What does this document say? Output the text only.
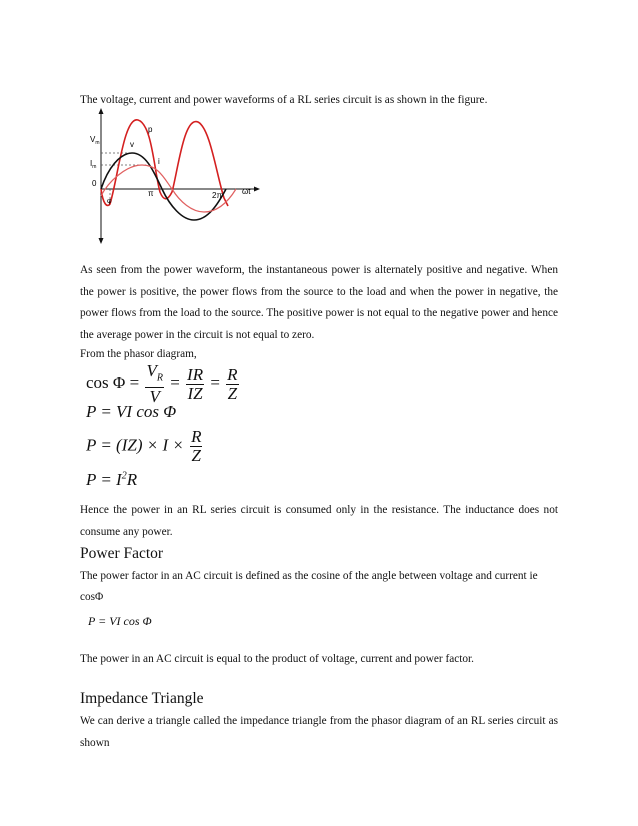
The voltage, current and power waveforms of a RL series circuit is as shown in the figure.
$V_m$
$I_m$
0
p
v
i
π	2π	ωt
φ
As seen from the power waveform, the instantaneous power is alternately positive and negative. When the power is positive, the power flows from the source to the load and when the power in negative, the power flows from the load to the source. The positive power is not equal to the negative power and hence the average power in the circuit is not equal to zero.
From the phasor diagram,
$\cos \Phi = \frac{V_R}{V} = \frac{IR}{IZ} = \frac{R}{Z}$
P = VI cos Φ
$P = (IZ) \times I \times \frac{R}{Z}$
$P = I^2R$
Hence the power in an RL series circuit is consumed only in the resistance. The inductance does not consume any power.
Power Factor
The power factor in an AC circuit is defined as the cosine of the angle between voltage and current ie
cosΦ
P = VI cos Φ
The power in an AC circuit is equal to the product of voltage, current and power factor.
Impedance Triangle
We can derive a triangle called the impedance triangle from the phasor diagram of an RL series circuit as shown
